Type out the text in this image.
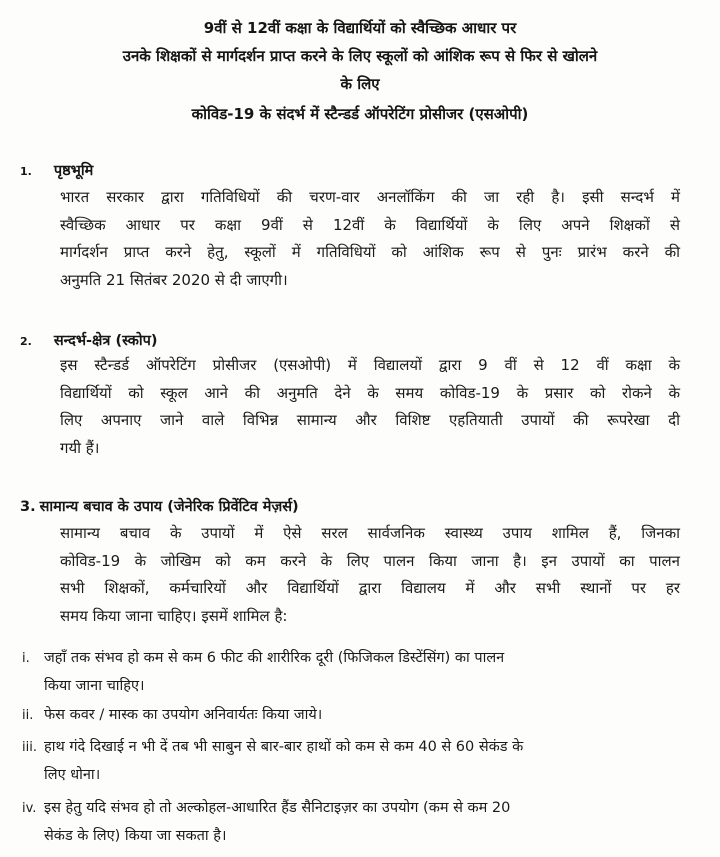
9वीं से 12वीं कक्षा के विद्यार्थियों को स्वैच्छिक आधार पर
उनके शिक्षकों से मार्गदर्शन प्राप्त करने के लिए स्कूलों को आंशिक रूप से फिर से खोलने
के लिए
कोविड-19 के संदर्भ में स्टैन्डर्ड ऑपरेटिंग प्रोसीजर (एसओपी)
1. पृष्ठभूमि
भारत सरकार द्वारा गतिविधियों की चरण-वार अनलॉकिंग की जा रही है। इसी सन्दर्भ में
स्वैच्छिक आधार पर कक्षा 9वीं से 12वीं के विद्यार्थियों के लिए अपने शिक्षकों से
मार्गदर्शन प्राप्त करने हेतु, स्कूलों में गतिविधियों को आंशिक रूप से पुनः प्रारंभ करने की
अनुमति 21 सितंबर 2020 से दी जाएगी।
2. सन्दर्भ-क्षेत्र (स्कोप)
इस स्टैन्डर्ड ऑपरेटिंग प्रोसीजर (एसओपी) में विद्यालयों द्वारा 9 वीं से 12 वीं कक्षा के
विद्यार्थियों को स्कूल आने की अनुमति देने के समय कोविड-19 के प्रसार को रोकने के
लिए अपनाए जाने वाले विभिन्न सामान्य और विशिष्ट एहतियाती उपायों की रूपरेखा दी
गयी हैं।
3. सामान्य बचाव के उपाय (जेनेरिक प्रिवेंटिव मेज़र्स)
सामान्य बचाव के उपायों में ऐसे सरल सार्वजनिक स्वास्थ्य उपाय शामिल हैं, जिनका
कोविड-19 के जोखिम को कम करने के लिए पालन किया जाना है। इन उपायों का पालन
सभी शिक्षकों, कर्मचारियों और विद्यार्थियों द्वारा विद्यालय में और सभी स्थानों पर हर
समय किया जाना चाहिए। इसमें शामिल है:
i. जहाँ तक संभव हो कम से कम 6 फीट की शारीरिक दूरी (फिजिकल डिस्टेंसिंग) का पालन
किया जाना चाहिए।
ii. फेस कवर / मास्क का उपयोग अनिवार्यतः किया जाये।
iii. हाथ गंदे दिखाई न भी दें तब भी साबुन से बार-बार हाथों को कम से कम 40 से 60 सेकंड के
लिए धोना।
iv. इस हेतु यदि संभव हो तो अल्कोहल-आधारित हैंड सैनिटाइज़र का उपयोग (कम से कम 20
सेकंड के लिए) किया जा सकता है।
